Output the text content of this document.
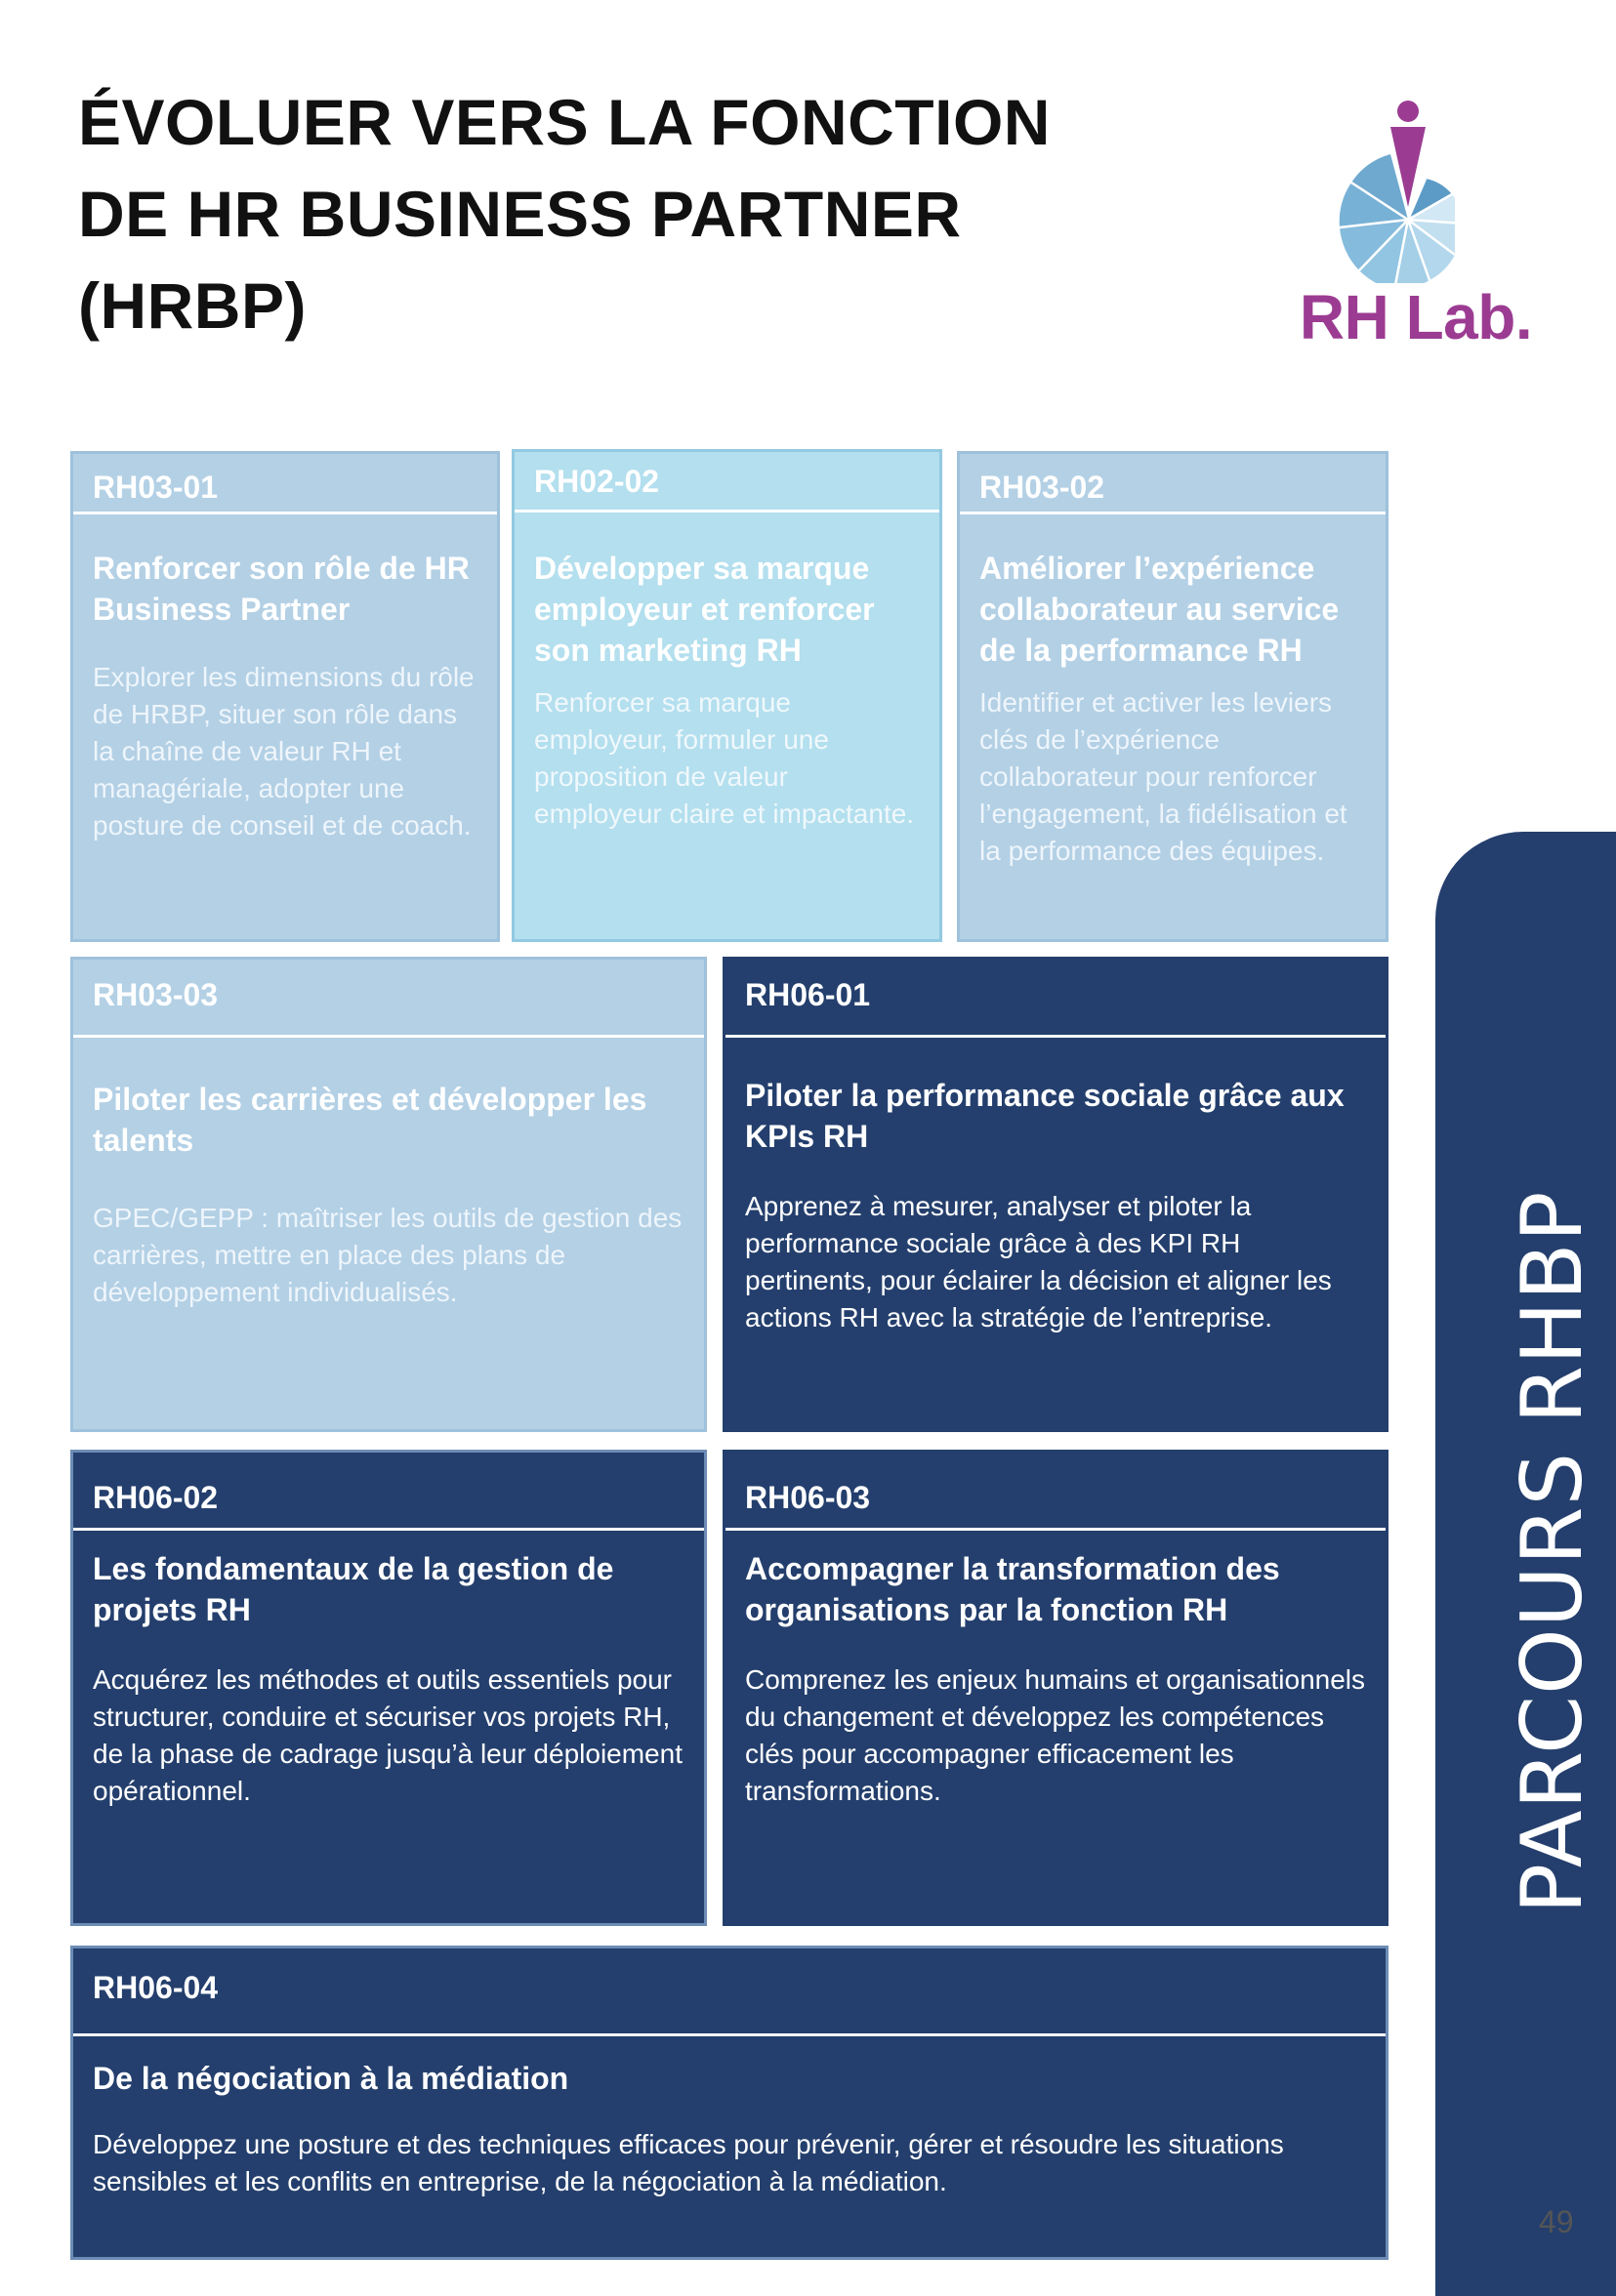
ÉVOLUER VERS LA FONCTION
DE HR BUSINESS PARTNER
(HRBP)	RH Lab.
RH03-01

Renforcer son rôle de HR Business Partner

Explorer les dimensions du rôle de HRBP, situer son rôle dans la chaîne de valeur RH et managériale, adopter une posture de conseil et de coach.

RH02-02

Développer sa marque employeur et renforcer son marketing RH

Renforcer sa marque employeur, formuler une proposition de valeur employeur claire et impactante.

RH03-02

Améliorer l’expérience collaborateur au service de la performance RH

Identifier et activer les leviers clés de l’expérience collaborateur pour renforcer l’engagement, la fidélisation et la performance des équipes.

RH03-03

Piloter les carrières et développer les talents

GPEC/GEPP : maîtriser les outils de gestion des carrières, mettre en place des plans de développement individualisés.

RH06-01

Piloter la performance sociale grâce aux KPIs RH

Apprenez à mesurer, analyser et piloter la performance sociale grâce à des KPI RH pertinents, pour éclairer la décision et aligner les actions RH avec la stratégie de l’entreprise.

RH06-02

Les fondamentaux de la gestion de projets RH

Acquérez les méthodes et outils essentiels pour structurer, conduire et sécuriser vos projets RH, de la phase de cadrage jusqu’à leur déploiement opérationnel.

RH06-03

Accompagner la transformation des organisations par la fonction RH

Comprenez les enjeux humains et organisationnels du changement et développez les compétences clés pour accompagner efficacement les transformations.

RH06-04

De la négociation à la médiation

Développez une posture et des techniques efficaces pour prévenir, gérer et résoudre les situations sensibles et les conflits en entreprise, de la négociation à la médiation.

PARCOURS RHBP
49
